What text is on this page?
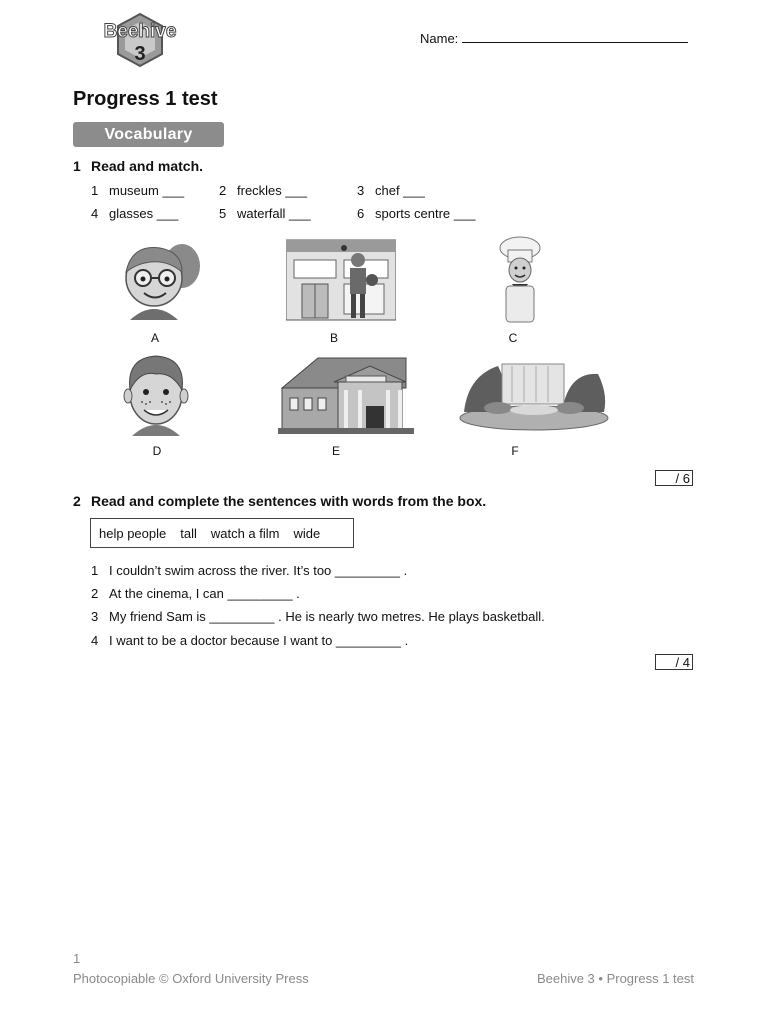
Beehive
3
Name:
Progress 1 test
Vocabulary
1 Read and match.
1 museum ___	2 freckles ___	3 chef ___
4 glasses ___	5 waterfall ___	6 sports centre ___
A	B	C
D	E	F
/ 6
2 Read and complete the sentences with words from the box.
help people tall watch a film wide
1 I couldn’t swim across the river. It’s too _________ .
2 At the cinema, I can _________ .
3 My friend Sam is _________ . He is nearly two metres. He plays basketball.
4 I want to be a doctor because I want to _________ .
/ 4
1
Photocopiable © Oxford University Press	Beehive 3 • Progress 1 test
